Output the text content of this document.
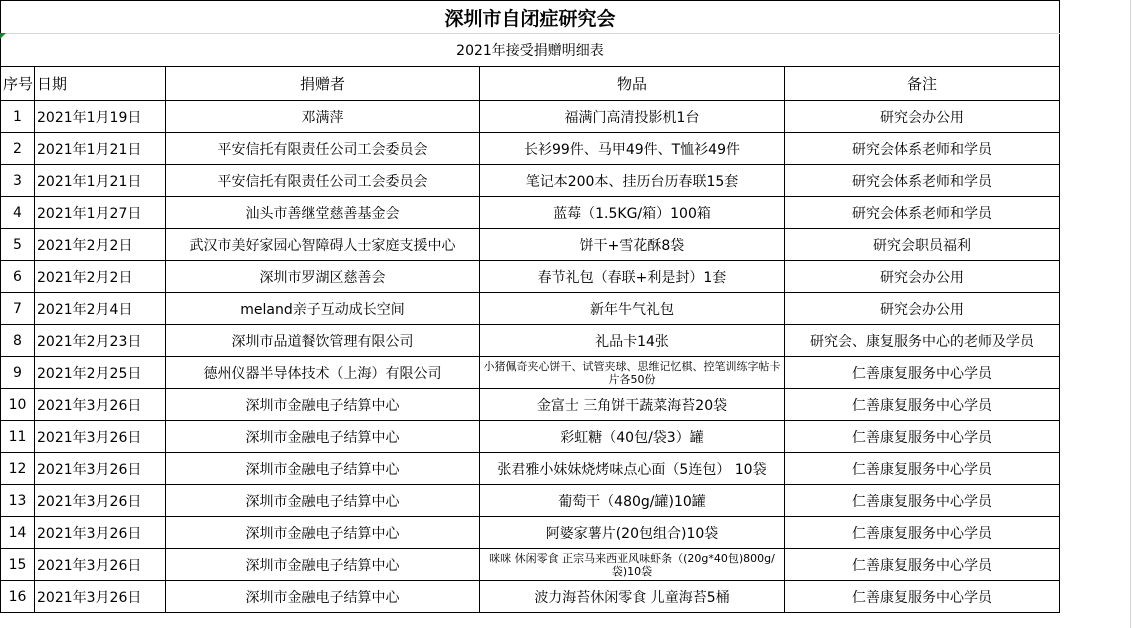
深圳市自闭症研究会				
2021年接受捐赠明细表				
序号	日期	捐赠者	物品	备注
1	2021年1月19日	邓满萍	福满门高清投影机1台	研究会办公用
2	2021年1月21日	平安信托有限责任公司工会委员会	长衫99件、马甲49件、T恤衫49件	研究会体系老师和学员
3	2021年1月21日	平安信托有限责任公司工会委员会	笔记本200本、挂历台历春联15套	研究会体系老师和学员
4	2021年1月27日	汕头市善继堂慈善基金会	蓝莓（1.5KG/箱）100箱	研究会体系老师和学员
5	2021年2月2日	武汉市美好家园心智障碍人士家庭支援中心	饼干+雪花酥8袋	研究会职员福利
6	2021年2月2日	深圳市罗湖区慈善会	春节礼包（春联+利是封）1套	研究会办公用
7	2021年2月4日	meland亲子互动成长空间	新年牛气礼包	研究会办公用
8	2021年2月23日	深圳市品道餐饮管理有限公司	礼品卡14张	研究会、康复服务中心的老师及学员
9	2021年2月25日	德州仪器半导体技术（上海）有限公司	小猪佩奇夹心饼干、试管夹球、思维记忆棋、控笔训练字帖卡片各50份	仁善康复服务中心学员
10	2021年3月26日	深圳市金融电子结算中心	金富士 三角饼干蔬菜海苔20袋	仁善康复服务中心学员
11	2021年3月26日	深圳市金融电子结算中心	彩虹糖（40包/袋3）罐	仁善康复服务中心学员
12	2021年3月26日	深圳市金融电子结算中心	张君雅小妹妹烧烤味点心面（5连包） 10袋	仁善康复服务中心学员
13	2021年3月26日	深圳市金融电子结算中心	葡萄干（480g/罐)10罐	仁善康复服务中心学员
14	2021年3月26日	深圳市金融电子结算中心	阿婆家薯片(20包组合)10袋	仁善康复服务中心学员
15	2021年3月26日	深圳市金融电子结算中心	咪咪 休闲零食 正宗马来西亚风味虾条（(20g*40包)800g/袋)10袋	仁善康复服务中心学员
16	2021年3月26日	深圳市金融电子结算中心	波力海苔休闲零食 儿童海苔5桶	仁善康复服务中心学员
